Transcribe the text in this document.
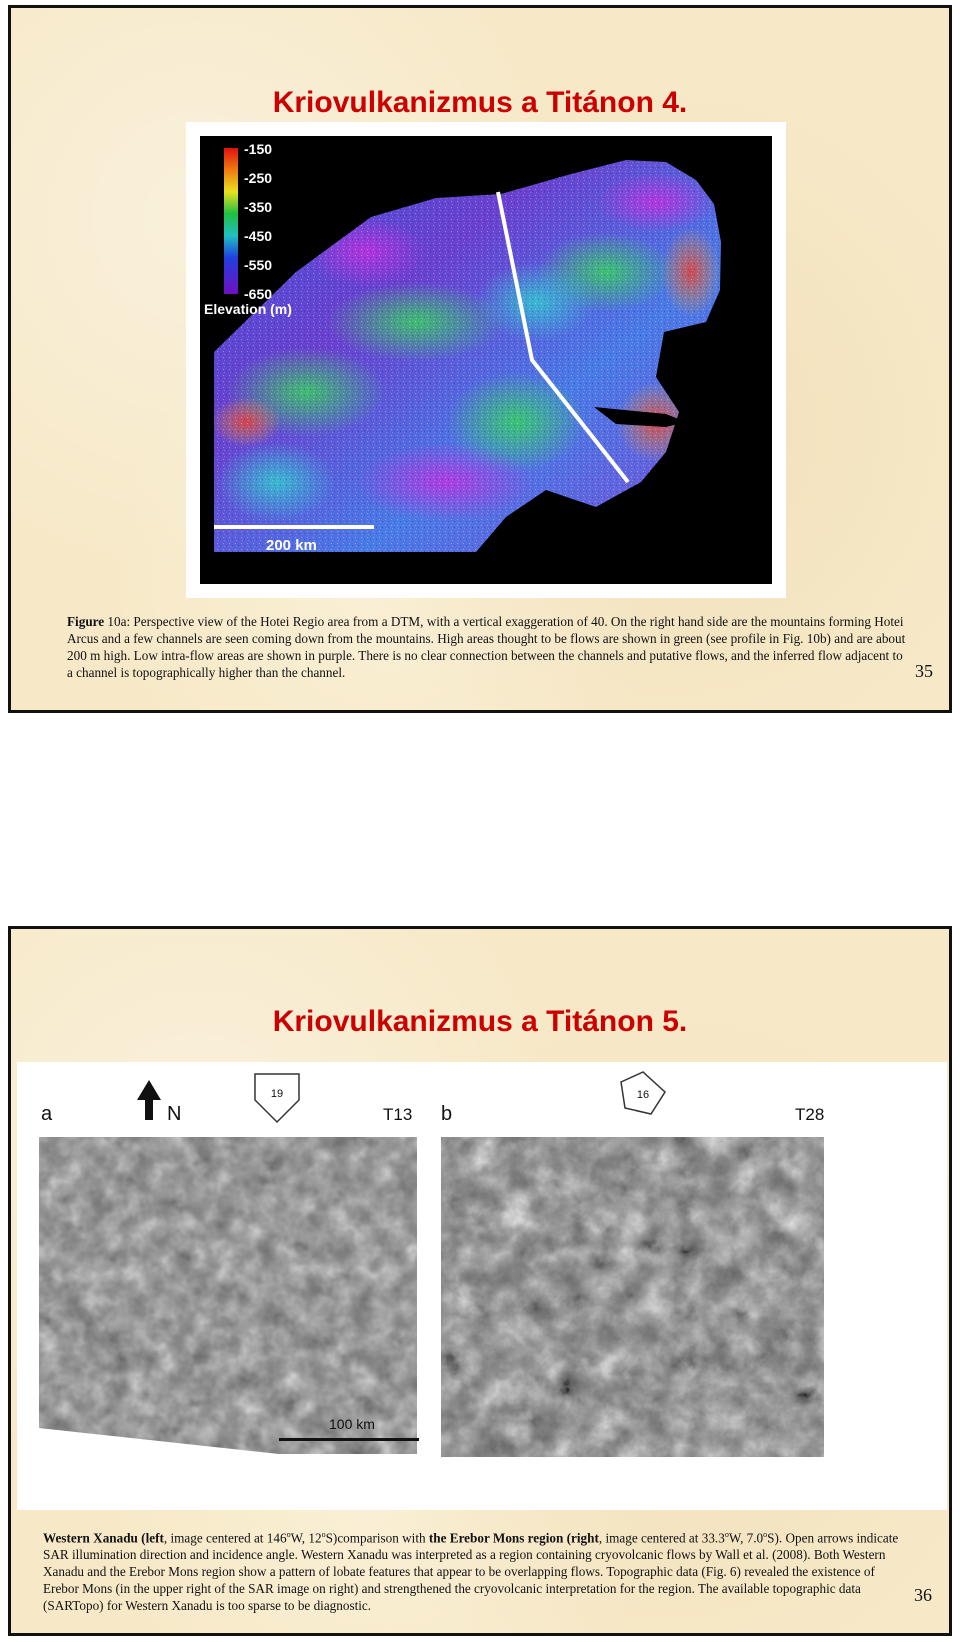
Kriovulkanizmus a Titánon 4.
-150
-250
-350
-450
-550
-650
Elevation (m)
200 km
Figure 10a: Perspective view of the Hotei Regio area from a DTM, with a vertical exaggeration of 40. On the right hand side are the mountains forming Hotei Arcus and a few channels are seen coming down from the mountains. High areas thought to be flows are shown in green (see profile in Fig. 10b) and are about 200 m high. Low intra-flow areas are shown in purple. There is no clear connection between the channels and putative flows, and the inferred flow adjacent to a channel is topographically higher than the channel.	35
Kriovulkanizmus a Titánon 5.
a	N
19
T13
100 km
b
16
T28
Western Xanadu (left, image centered at 146$^o$W, 12$^o$S)comparison with the Erebor Mons region (right, image centered at 33.3$^o$W, 7.0$^o$S). Open arrows indicate SAR illumination direction and incidence angle. Western Xanadu was interpreted as a region containing cryovolcanic flows by Wall et al. (2008). Both Western Xanadu and the Erebor Mons region show a pattern of lobate features that appear to be overlapping flows. Topographic data (Fig. 6) revealed the existence of Erebor Mons (in the upper right of the SAR image on right) and strengthened the cryovolcanic interpretation for the region. The available topographic data (SARTopo) for Western Xanadu is too sparse to be diagnostic.
36
